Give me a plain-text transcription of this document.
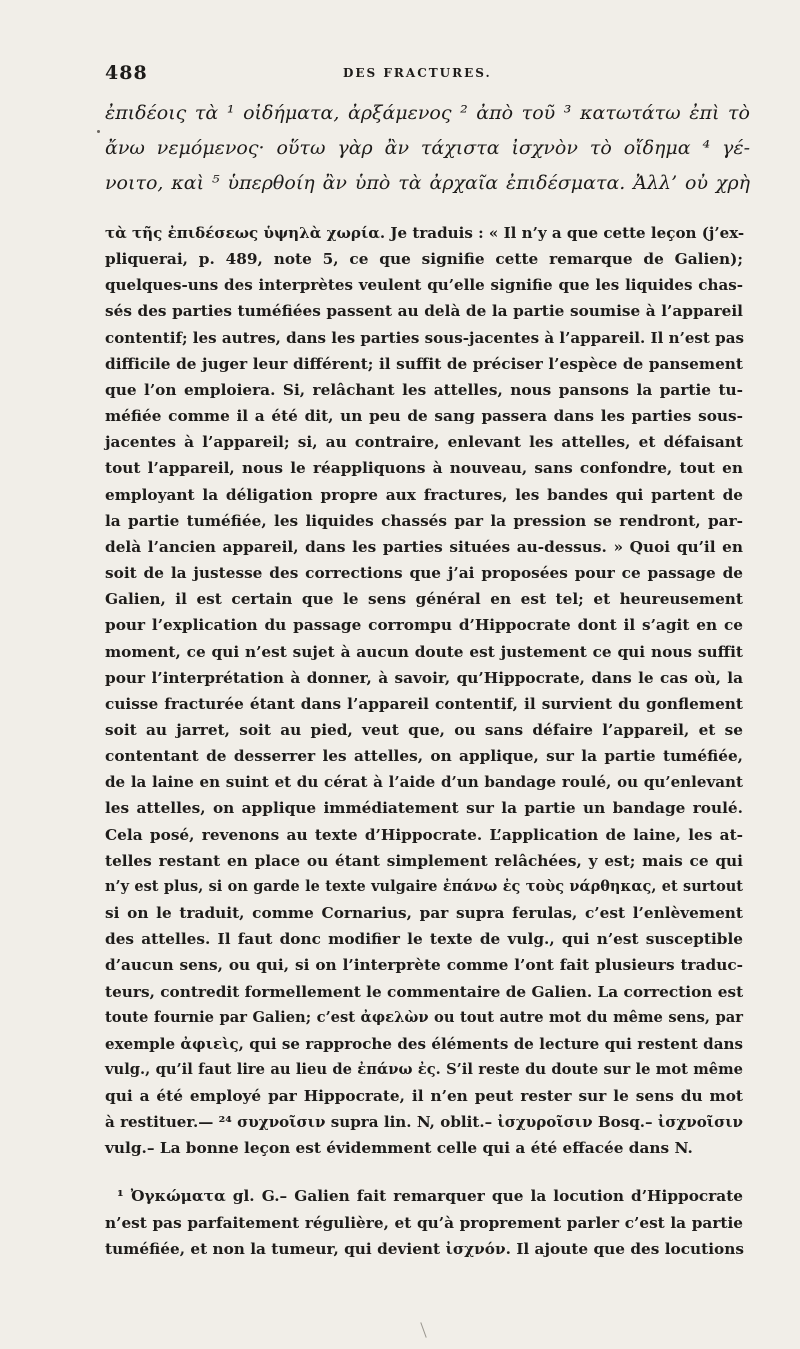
488	DES FRACTURES.
ἐπιδέοις τὰ ¹ οἰδήματα, ἀρξάμενος ² ἀπὸ τοῦ ³ κατωτάτω ἐπὶ τὸ
ἄνω νεμόμενος· οὕτω γὰρ ἂν τάχιστα ἰσχνὸν τὸ οἴδημα ⁴ γέ-
νοιτο, καὶ ⁵ ὑπερθοίη ἂν ὑπὸ τὰ ἀρχαῖα ἐπιδέσματα. Ἀλλ’ οὐ χρὴ
τὰ τῆς ἐπιδέσεως ὑψηλὰ χωρία. Je traduis : « Il n’y a que cette leçon (j’ex-
pliquerai, p. 489, note 5, ce que signifie cette remarque de Galien);
quelques-uns des interprètes veulent qu’elle signifie que les liquides chas-
sés des parties tuméfiées passent au delà de la partie soumise à l’appareil
contentif; les autres, dans les parties sous-jacentes à l’appareil. Il n’est pas
difficile de juger leur différent; il suffit de préciser l’espèce de pansement
que l’on emploiera. Si, relâchant les attelles, nous pansons la partie tu-
méfiée comme il a été dit, un peu de sang passera dans les parties sous-
jacentes à l’appareil; si, au contraire, enlevant les attelles, et défaisant
tout l’appareil, nous le réappliquons à nouveau, sans confondre, tout en
employant la déligation propre aux fractures, les bandes qui partent de
la partie tuméfiée, les liquides chassés par la pression se rendront, par-
delà l’ancien appareil, dans les parties situées au-dessus. » Quoi qu’il en
soit de la justesse des corrections que j’ai proposées pour ce passage de
Galien, il est certain que le sens général en est tel; et heureusement
pour l’explication du passage corrompu d’Hippocrate dont il s’agit en ce
moment, ce qui n’est sujet à aucun doute est justement ce qui nous suffit
pour l’interprétation à donner, à savoir, qu’Hippocrate, dans le cas où, la
cuisse fracturée étant dans l’appareil contentif, il survient du gonflement
soit au jarret, soit au pied, veut que, ou sans défaire l’appareil, et se
contentant de desserrer les attelles, on applique, sur la partie tuméfiée,
de la laine en suint et du cérat à l’aide d’un bandage roulé, ou qu’enlevant
les attelles, on applique immédiatement sur la partie un bandage roulé.
Cela posé, revenons au texte d’Hippocrate. L’application de laine, les at-
telles restant en place ou étant simplement relâchées, y est; mais ce qui
n’y est plus, si on garde le texte vulgaire ἐπάνω ἐς τοὺς νάρθηκας, et surtout
si on le traduit, comme Cornarius, par supra ferulas, c’est l’enlèvement
des attelles. Il faut donc modifier le texte de vulg., qui n’est susceptible
d’aucun sens, ou qui, si on l’interprète comme l’ont fait plusieurs traduc-
teurs, contredit formellement le commentaire de Galien. La correction est
toute fournie par Galien; c’est ἀφελὼν ou tout autre mot du même sens, par
exemple ἀφιεὶς, qui se rapproche des éléments de lecture qui restent dans
vulg., qu’il faut lire au lieu de ἐπάνω ἐς. S’il reste du doute sur le mot même
qui a été employé par Hippocrate, il n’en peut rester sur le sens du mot
à restituer.— ²⁴ συχνοῖσιν supra lin. N, oblit.– ἰσχυροῖσιν Bosq.– ἰσχνοῖσιν
vulg.– La bonne leçon est évidemment celle qui a été effacée dans N.
¹ Ὀγκώματα gl. G.– Galien fait remarquer que la locution d’Hippocrate
n’est pas parfaitement régulière, et qu’à proprement parler c’est la partie
tuméfiée, et non la tumeur, qui devient ἰσχνόν. Il ajoute que des locutions
